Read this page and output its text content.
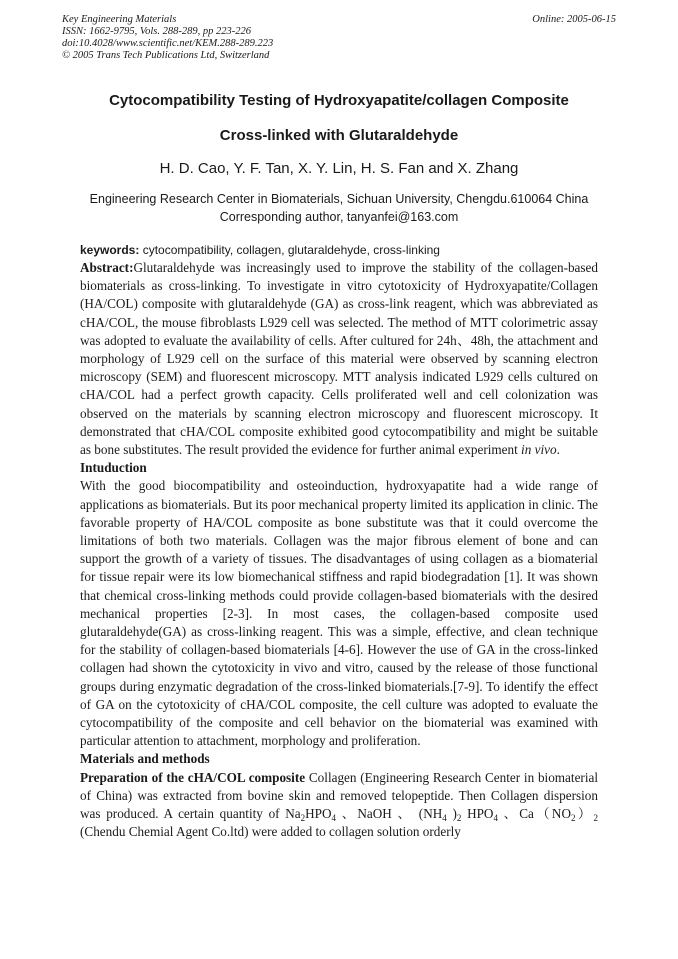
Key Engineering Materials
ISSN: 1662-9795, Vols. 288-289, pp 223-226
doi:10.4028/www.scientific.net/KEM.288-289.223
© 2005 Trans Tech Publications Ltd, Switzerland
Online: 2005-06-15
Cytocompatibility Testing of Hydroxyapatite/collagen Composite
Cross-linked with Glutaraldehyde
H. D. Cao, Y. F. Tan, X. Y. Lin, H. S. Fan and X. Zhang
Engineering Research Center in Biomaterials, Sichuan University, Chengdu.610064 China
Corresponding author, tanyanfei@163.com

keywords: cytocompatibility, collagen, glutaraldehyde, cross-linking

Abstract:Glutaraldehyde was increasingly used to improve the stability of the collagen-based biomaterials as cross-linking. To investigate in vitro cytotoxicity of Hydroxyapatite/Collagen (HA/COL) composite with glutaraldehyde (GA) as cross-link reagent, which was abbreviated as cHA/COL, the mouse fibroblasts L929 cell was selected. The method of MTT colorimetric assay was adopted to evaluate the availability of cells. After cultured for 24h、48h, the attachment and morphology of L929 cell on the surface of this material were observed by scanning electron microscopy (SEM) and fluorescent microscopy. MTT analysis indicated L929 cells cultured on cHA/COL had a perfect growth capacity. Cells proliferated well and cell colonization was observed on the materials by scanning electron microscopy and fluorescent microscopy. It demonstrated that cHA/COL composite exhibited good cytocompatibility and might be suitable as bone substitutes. The result provided the evidence for further animal experiment in vivo.

Intuduction

With the good biocompatibility and osteoinduction, hydroxyapatite had a wide range of applications as biomaterials. But its poor mechanical property limited its application in clinic. The favorable property of HA/COL composite as bone substitute was that it could overcome the limitations of both two materials. Collagen was the major fibrous element of bone and can support the growth of a variety of tissues. The disadvantages of using collagen as a biomaterial for tissue repair were its low biomechanical stiffness and rapid biodegradation [1]. It was shown that chemical cross-linking methods could provide collagen-based biomaterials with the desired mechanical properties [2-3]. In most cases, the collagen-based composite used glutaraldehyde(GA) as cross-linking reagent. This was a simple, effective, and clean technique for the stability of collagen-based biomaterials [4-6]. However the use of GA in the cross-linked collagen had shown the cytotoxicity in vivo and vitro, caused by the release of those functional groups during enzymatic degradation of the cross-linked biomaterials.[7-9]. To identify the effect of GA on the cytotoxicity of cHA/COL composite, the cell culture was adopted to evaluate the cytocompatibility of the composite and cell behavior on the biomaterial was examined with particular attention to attachment, morphology and proliferation.

Materials and methods

Preparation of the cHA/COL composite Collagen (Engineering Research Center in biomaterial of China) was extracted from bovine skin and removed telopeptide. Then Collagen dispersion was produced. A certain quantity of $Na_2HPO_4$ 、NaOH 、 ($NH_4$ )$_2$ $HPO_4$ 、$Ca(NO_2)_2$ (Chendu Chemial Agent Co.ltd) were added to collagen solution orderly
